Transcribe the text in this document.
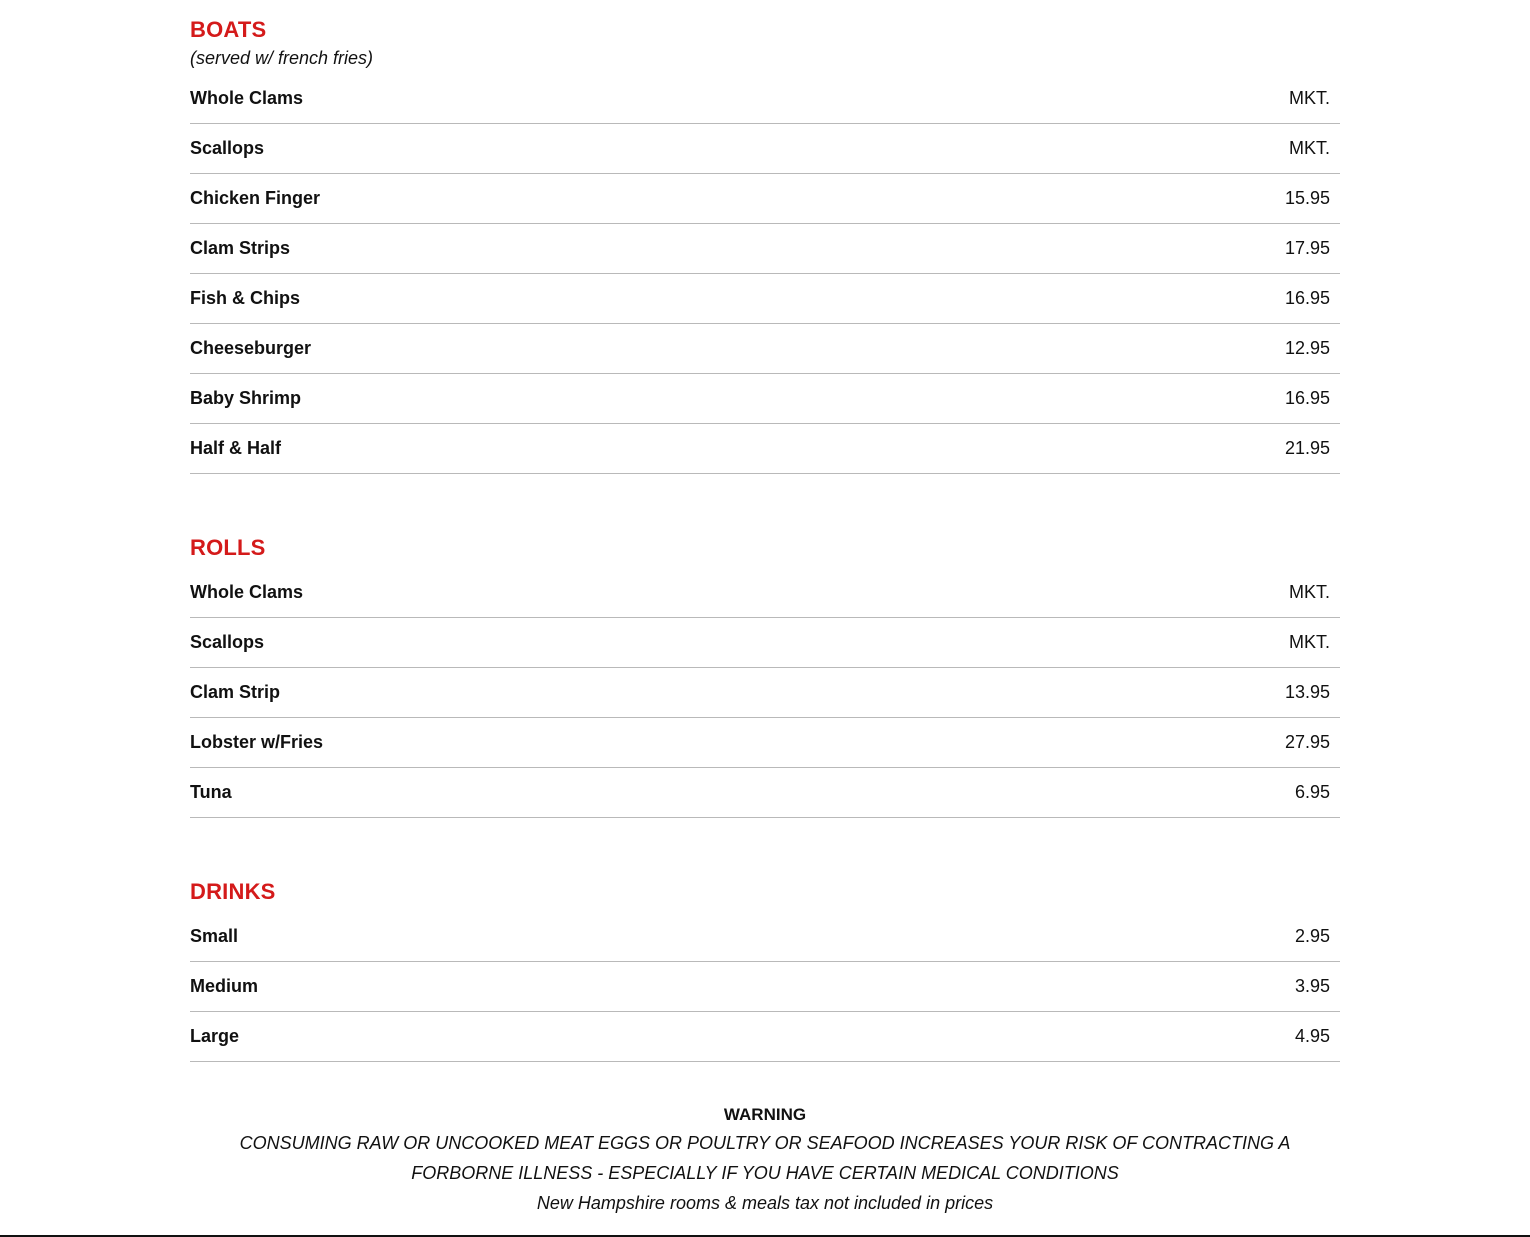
BOATS
(served w/ french fries)
Whole Clams	MKT.
Scallops	MKT.
Chicken Finger	15.95
Clam Strips	17.95
Fish & Chips	16.95
Cheeseburger	12.95
Baby Shrimp	16.95
Half & Half	21.95
ROLLS
Whole Clams	MKT.
Scallops	MKT.
Clam Strip	13.95
Lobster w/Fries	27.95
Tuna	6.95
DRINKS
Small	2.95
Medium	3.95
Large	4.95
WARNING
CONSUMING RAW OR UNCOOKED MEAT EGGS OR POULTRY OR SEAFOOD INCREASES YOUR RISK OF CONTRACTING A
FORBORNE ILLNESS - ESPECIALLY IF YOU HAVE CERTAIN MEDICAL CONDITIONS
New Hampshire rooms & meals tax not included in prices
